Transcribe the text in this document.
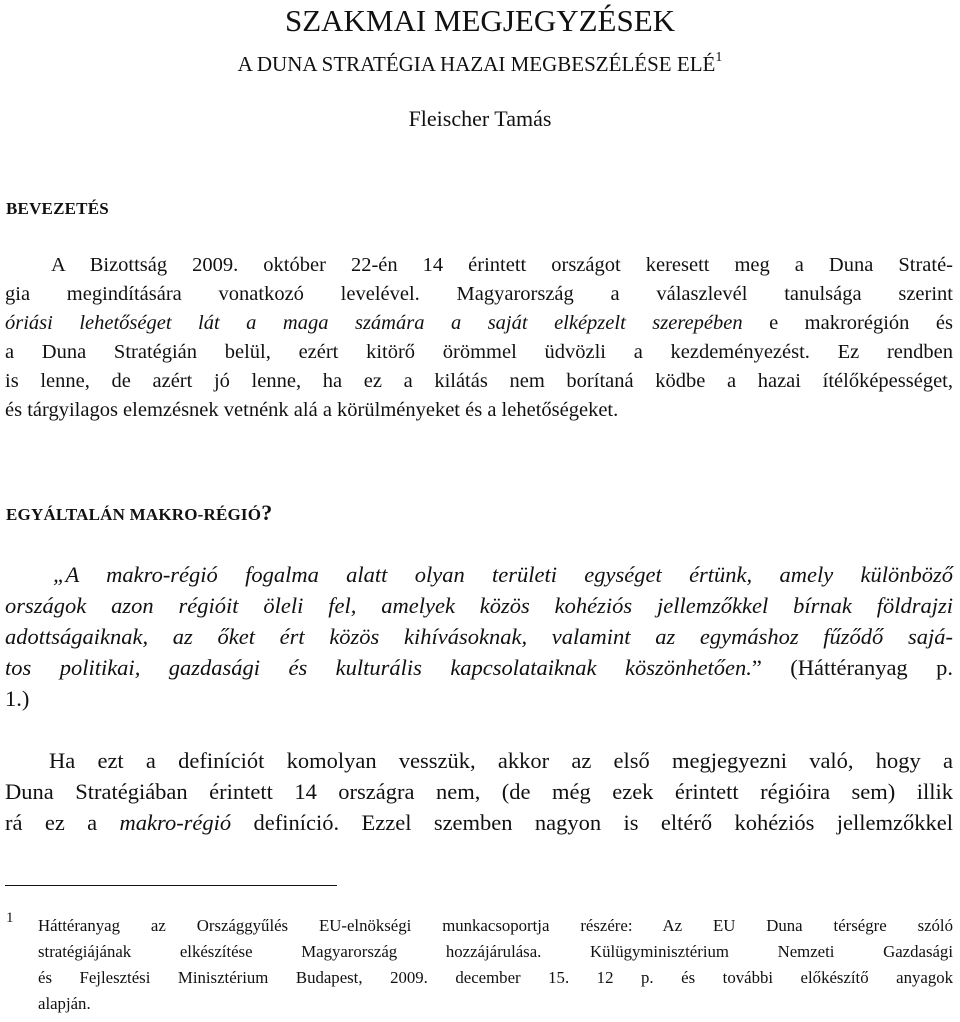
SZAKMAI MEGJEGYZÉSEK
A DUNA STRATÉGIA HAZAI MEGBESZÉLÉSE ELÉ$^1$
Fleischer Tamás
BEVEZETÉS
A Bizottság 2009. október 22-én 14 érintett országot keresett meg a Duna Straté-
gia megindítására vonatkozó levelével. Magyarország a válaszlevél tanulsága szerint
óriási lehetőséget lát a maga számára a saját elképzelt szerepében e makrorégión és
a Duna Stratégián belül, ezért kitörő örömmel üdvözli a kezdeményezést. Ez rendben
is lenne, de azért jó lenne, ha ez a kilátás nem borítaná ködbe a hazai ítélőképességet,
és tárgyilagos elemzésnek vetnénk alá a körülményeket és a lehetőségeket.
EGYÁLTALÁN MAKRO-RÉGIÓ?
„A makro-régió fogalma alatt olyan területi egységet értünk, amely különböző
országok azon régióit öleli fel, amelyek közös kohéziós jellemzőkkel bírnak földrajzi
adottságaiknak, az őket ért közös kihívásoknak, valamint az egymáshoz fűződő sajá-
tos politikai, gazdasági és kulturális kapcsolataiknak köszönhetően.” (Háttéranyag p.
1.)
Ha ezt a definíciót komolyan vesszük, akkor az első megjegyezni való, hogy a
Duna Stratégiában érintett 14 országra nem, (de még ezek érintett régióira sem) illik
rá ez a makro-régió definíció. Ezzel szemben nagyon is eltérő kohéziós jellemzőkkel
1 Háttéranyag az Országgyűlés EU-elnökségi munkacsoportja részére: Az EU Duna térségre szóló
stratégiájának elkészítése Magyarország hozzájárulása. Külügyminisztérium Nemzeti Gazdasági
és Fejlesztési Minisztérium Budapest, 2009. december 15. 12 p. és további előkészítő anyagok
alapján.
